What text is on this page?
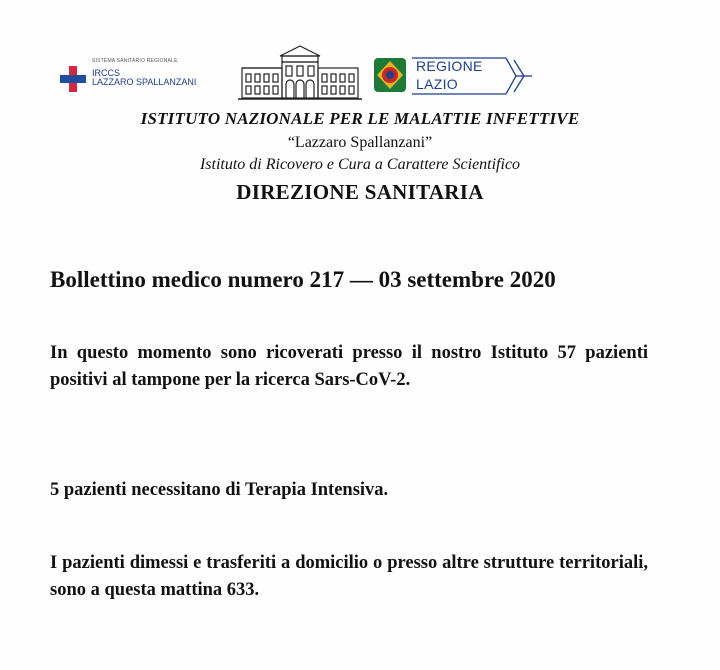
SISTEMA SANITARIO REGIONALE
IRCCS
LAZZARO SPALLANZANI
REGIONE
LAZIO
ISTITUTO NAZIONALE PER LE MALATTIE INFETTIVE

“Lazzaro Spallanzani”

Istituto di Ricovero e Cura a Carattere Scientifico

DIREZIONE SANITARIA
Bollettino medico numero 217 — 03 settembre 2020

In questo momento sono ricoverati presso il nostro Istituto 57 pazienti positivi al tampone per la ricerca Sars-CoV-2.

5 pazienti necessitano di Terapia Intensiva.

I pazienti dimessi e trasferiti a domicilio o presso altre strutture territoriali, sono a questa mattina 633.
